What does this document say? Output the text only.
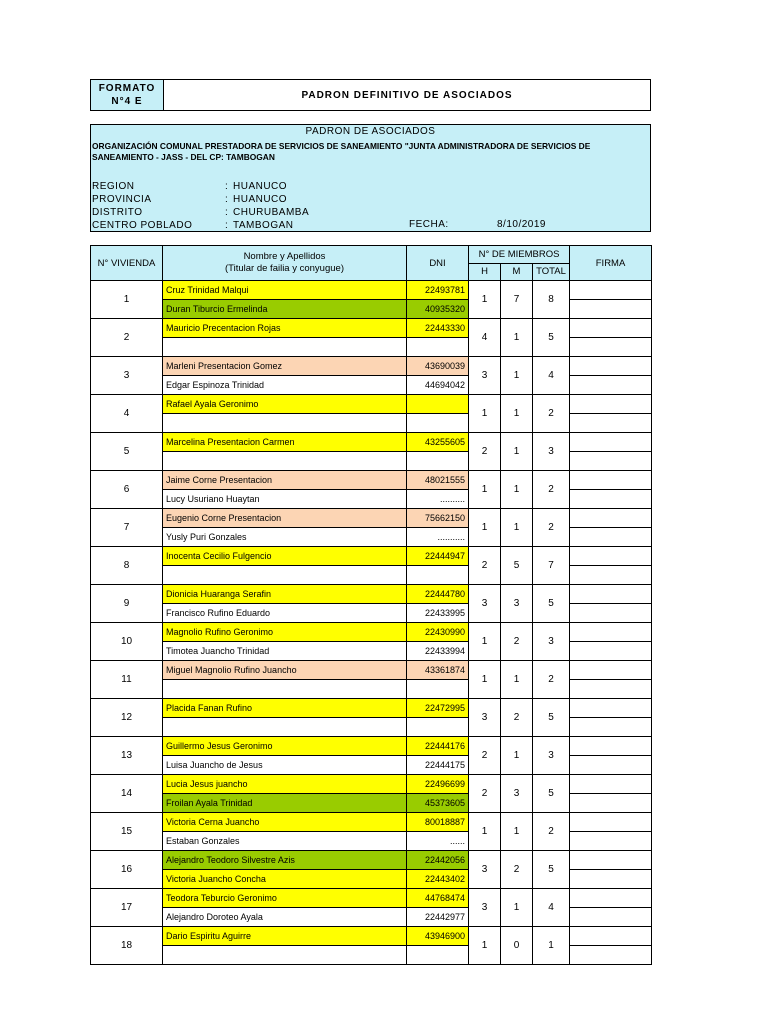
FORMATO
N°4 E
PADRON DEFINITIVO DE ASOCIADOS
PADRON DE ASOCIADOS
ORGANIZACIÓN COMUNAL PRESTADORA DE SERVICIOS DE SANEAMIENTO "JUNTA ADMINISTRADORA DE SERVICIOS DE SANEAMIENTO - JASS - DEL CP: TAMBOGAN
REGION	: HUANUCO
PROVINCIA	: HUANUCO
DISTRITO	: CHURUBAMBA
CENTRO POBLADO	: TAMBOGAN	FECHA:	8/10/2019
N° VIVIENDA	Nombre y Apellidos
(Titular de failia y conyugue)	DNI	N° DE MIEMBROS			FIRMA
			H	M	TOTAL	
1	Cruz Trinidad Malqui	22493781	1	7	8	

	Duran Tiburcio Ermelinda	40935320				
2	Mauricio Precentacion Rojas	22443330	4	1	5	

3	Marleni Presentacion Gomez	43690039	3	1	4	

	Edgar Espinoza Trinidad	44694042				
4	Rafael Ayala Geronimo		1	1	2	

5	Marcelina Presentacion Carmen	43255605	2	1	3	

6	Jaime Corne Presentacion	48021555	1	1	2	

	Lucy Usuriano Huaytan	..........				
7	Eugenio Corne Presentacion	75662150	1	1	2	

	Yusly Puri Gonzales	...........				
8	Inocenta Cecilio Fulgencio	22444947	2	5	7	

9	Dionicia Huaranga Serafin	22444780	3	3	5	

	Francisco Rufino Eduardo	22433995				
10	Magnolio Rufino Geronimo	22430990	1	2	3	

	Timotea Juancho Trinidad	22433994				
11	Miguel Magnolio Rufino Juancho	43361874	1	1	2	

12	Placida Fanan Rufino	22472995	3	2	5	

13	Guillermo Jesus Geronimo	22444176	2	1	3	

	Luisa Juancho de Jesus	22444175				
14	Lucia Jesus juancho	22496699	2	3	5	

	Froilan Ayala Trinidad	45373605				
15	Victoria Cerna Juancho	80018887	1	1	2	

	Estaban Gonzales	......				
16	Alejandro Teodoro Silvestre Azis	22442056	3	2	5	

	Victoria Juancho Concha	22443402				
17	Teodora Teburcio Geronimo	44768474	3	1	4	

	Alejandro Doroteo Ayala	22442977				
18	Dario Espiritu Aguirre	43946900	1	0	1	
